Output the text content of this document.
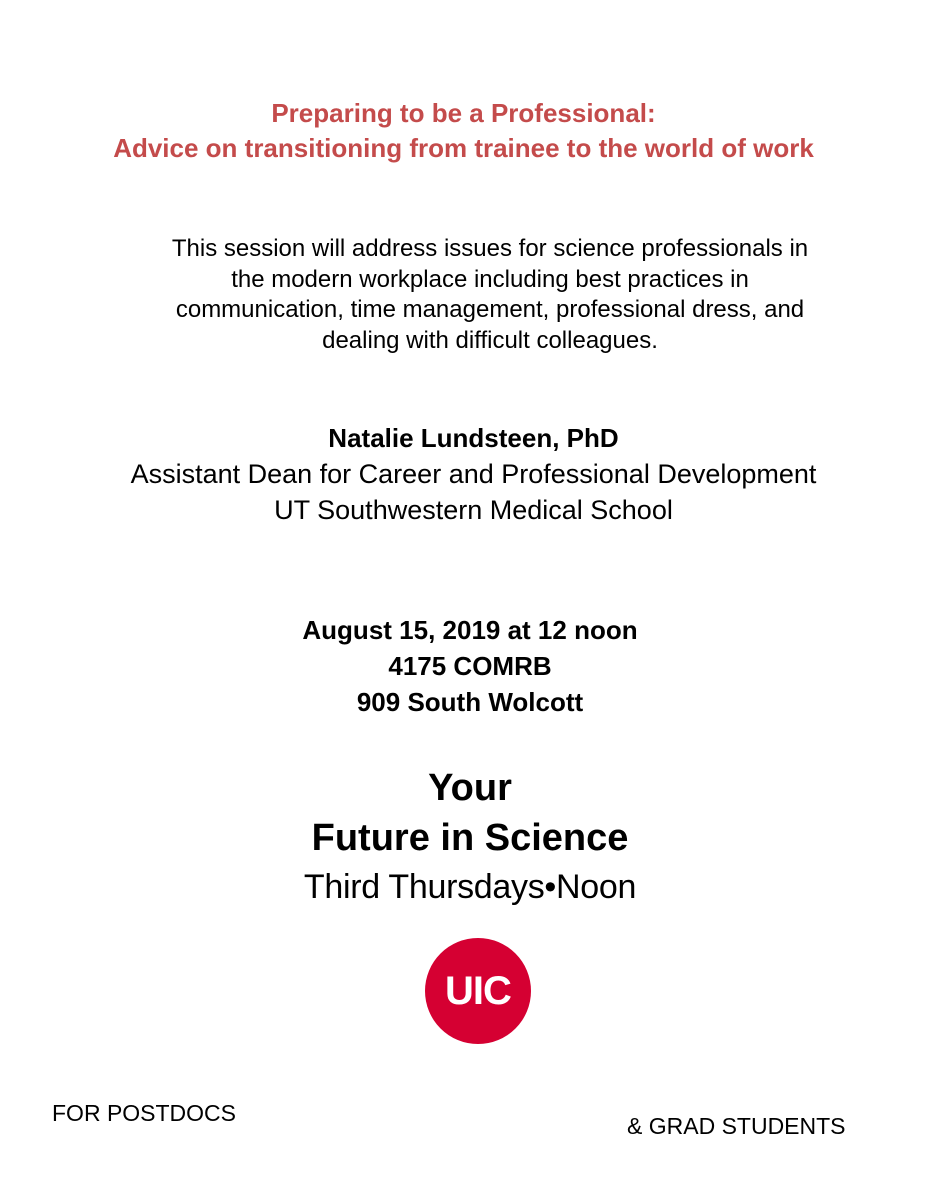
Preparing to be a Professional:
Advice on transitioning from trainee to the world of work
This session will address issues for science professionals in
the modern workplace including best practices in
communication, time management, professional dress, and
dealing with difficult colleagues.
Natalie Lundsteen, PhD
Assistant Dean for Career and Professional Development
UT Southwestern Medical School
August 15, 2019 at 12 noon
4175 COMRB
909 South Wolcott
Your
Future in Science
Third Thursdays•Noon
UIC
FOR POSTDOCS	& GRAD STUDENTS
